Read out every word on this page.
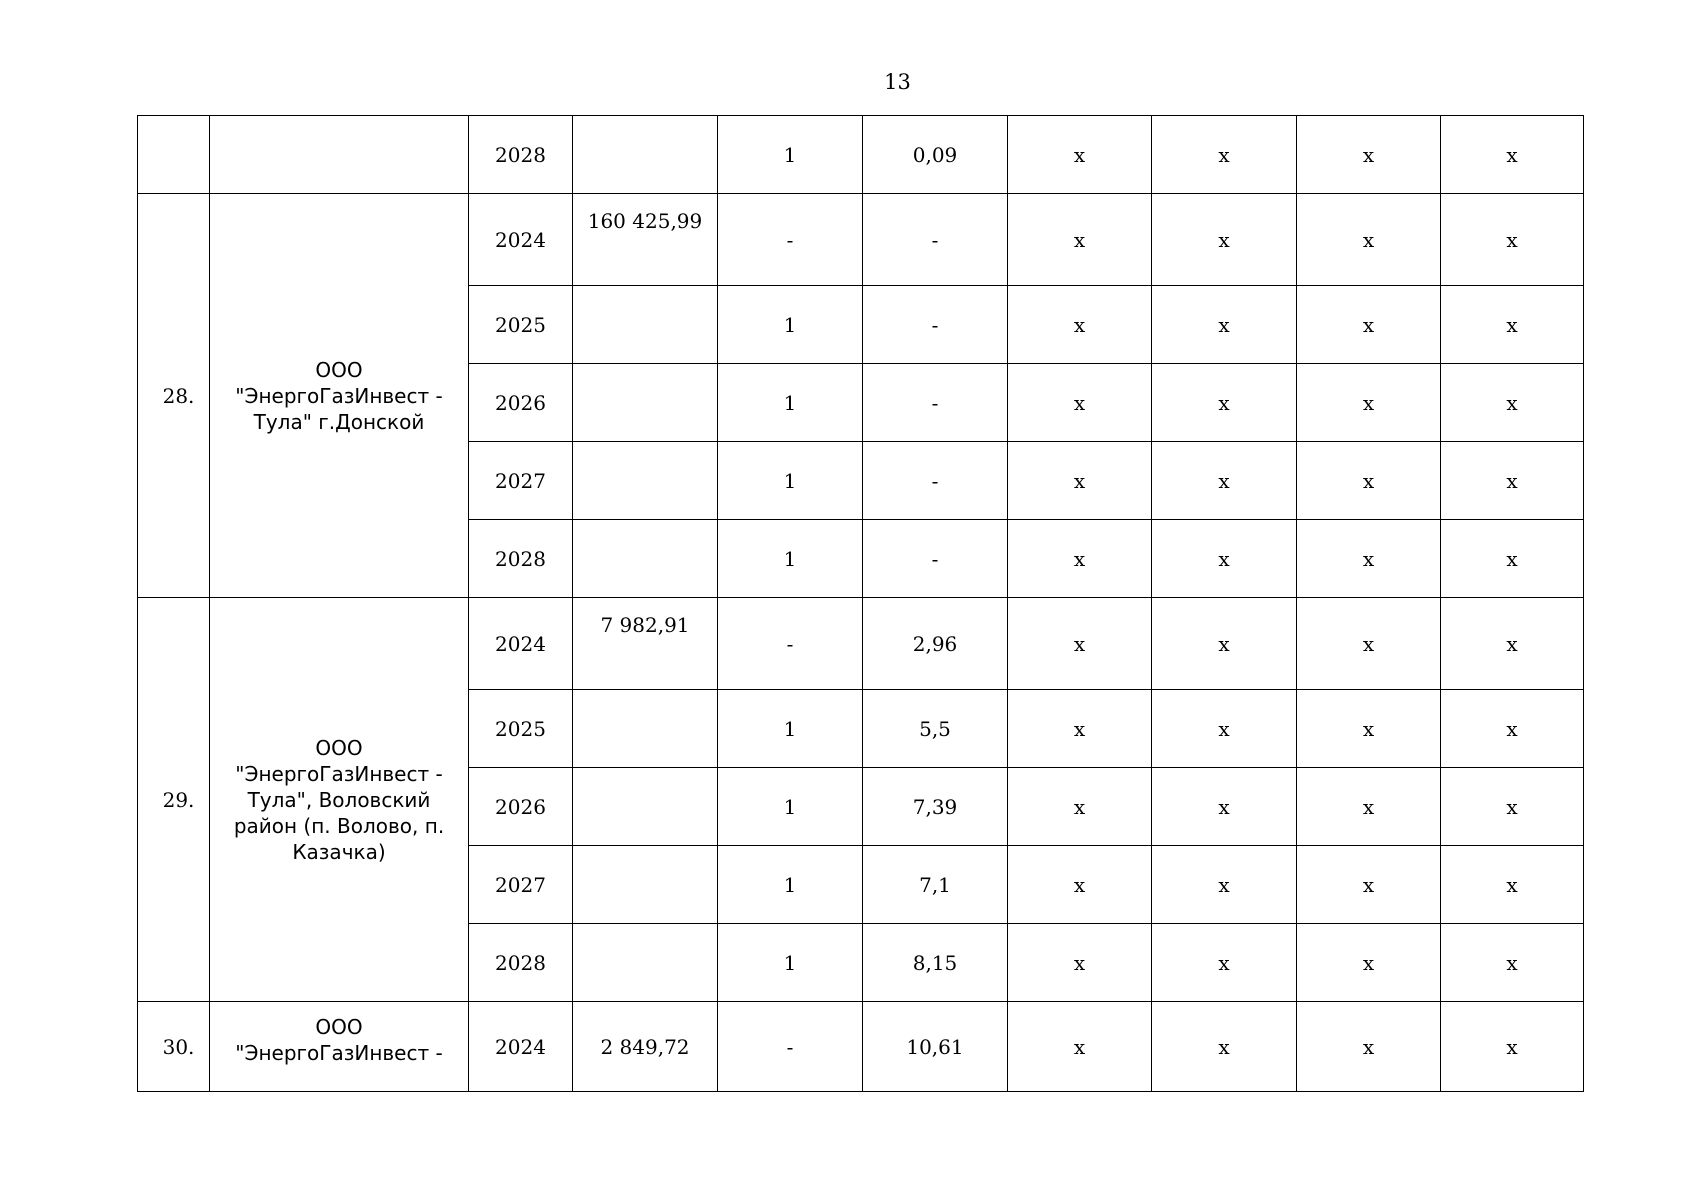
13
		2028		1	0,09	х	х	х	х
28.	ООО "ЭнергоГазИнвест - Тула" г.Донской	2024	160 425,99	-	-	х	х	х	х
		2025		1	-	х	х	х	х
		2026		1	-	х	х	х	х
		2027		1	-	х	х	х	х
		2028		1	-	х	х	х	х
29.	ООО "ЭнергоГазИнвест - Тула", Воловский район (п. Волово, п. Казачка)	2024	7 982,91	-	2,96	х	х	х	х
		2025		1	5,5	х	х	х	х
		2026		1	7,39	х	х	х	х
		2027		1	7,1	х	х	х	х
		2028		1	8,15	х	х	х	х
30.	ООО "ЭнергоГазИнвест -	2024	2 849,72	-	10,61	х	х	х	х
